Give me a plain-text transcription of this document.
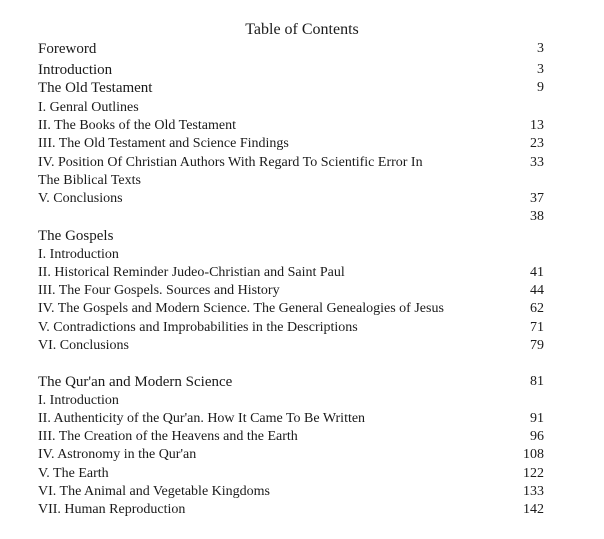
Table of Contents
Foreword	3
Introduction	3
The Old Testament	9
I. Genral Outlines
II. The Books of the Old Testament	13
III. The Old Testament and Science Findings	23
IV. Position Of Christian Authors With Regard To Scientific Error In	33
The Biblical Texts
V. Conclusions	37
38
The Gospels
I. Introduction
II. Historical Reminder Judeo-Christian and Saint Paul	41
III. The Four Gospels. Sources and History	44
IV. The Gospels and Modern Science. The General Genealogies of Jesus	62
V. Contradictions and Improbabilities in the Descriptions	71
VI. Conclusions	79
The Qur'an and Modern Science	81
I. Introduction
II. Authenticity of the Qur'an. How It Came To Be Written	91
III. The Creation of the Heavens and the Earth	96
IV. Astronomy in the Qur'an	108
V. The Earth	122
VI. The Animal and Vegetable Kingdoms	133
VII. Human Reproduction	142
